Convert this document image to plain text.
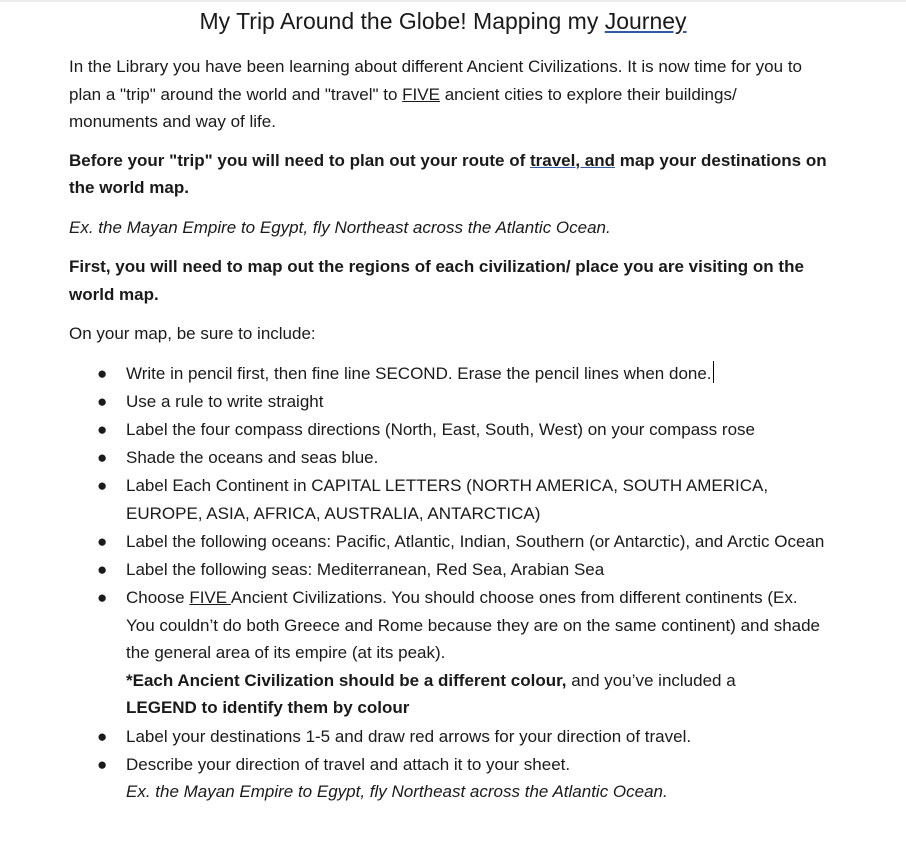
My Trip Around the Globe! Mapping my Journey

In the Library you have been learning about different Ancient Civilizations. It is now time for you to plan a "trip" around the world and "travel" to FIVE ancient cities to explore their buildings/ monuments and way of life.

Before your "trip" you will need to plan out your route of travel, and map your destinations on the world map.

Ex. the Mayan Empire to Egypt, fly Northeast across the Atlantic Ocean.

First, you will need to map out the regions of each civilization/ place you are visiting on the world map.

On your map, be sure to include:

● Write in pencil first, then fine line SECOND. Erase the pencil lines when done.
● Use a rule to write straight
● Label the four compass directions (North, East, South, West) on your compass rose
● Shade the oceans and seas blue.
● Label Each Continent in CAPITAL LETTERS (NORTH AMERICA, SOUTH AMERICA, EUROPE, ASIA, AFRICA, AUSTRALIA, ANTARCTICA)
● Label the following oceans: Pacific, Atlantic, Indian, Southern (or Antarctic), and Arctic Ocean
● Label the following seas: Mediterranean, Red Sea, Arabian Sea
● Choose FIVE Ancient Civilizations. You should choose ones from different continents (Ex. You couldn’t do both Greece and Rome because they are on the same continent) and shade the general area of its empire (at its peak).
*Each Ancient Civilization should be a different colour, and you’ve included a
LEGEND to identify them by colour
● Label your destinations 1-5 and draw red arrows for your direction of travel.
● Describe your direction of travel and attach it to your sheet.
Ex. the Mayan Empire to Egypt, fly Northeast across the Atlantic Ocean.
